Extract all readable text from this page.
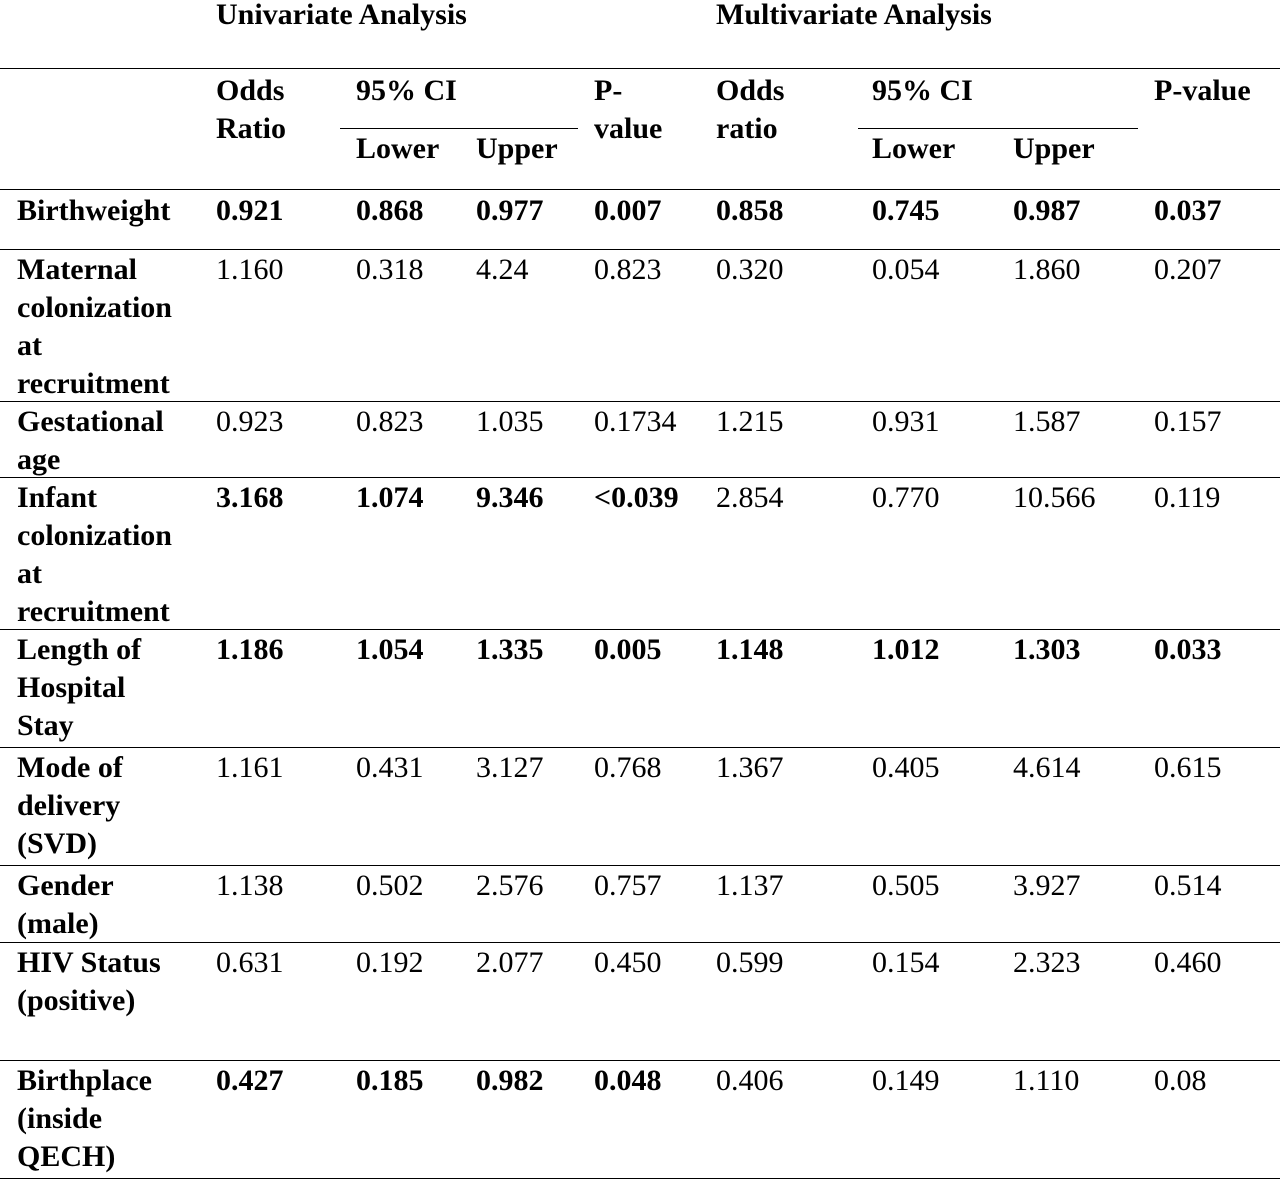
Univariate Analysis	Multivariate Analysis
Odds
Ratio
95% CI
Lower Upper
P-
value
Odds
ratio
95% CI
Lower Upper
P-value
Birthweight 0.921 0.868 0.977 0.007 0.858	0.745 0.987 0.037
Maternal
colonization
at
recruitment
1.160 0.318 4.24 0.823 0.320	0.054 1.860 0.207
Gestational
age
0.923 0.823 1.035 0.1734 1.215	0.931 1.587 0.157
Infant
colonization
at
recruitment
3.168 1.074 9.346 <0.039 2.854	0.770 10.566 0.119
Length of
Hospital
Stay
1.186 1.054 1.335 0.005 1.148	1.012 1.303 0.033
Mode of
delivery
(SVD)
1.161 0.431 3.127 0.768 1.367	0.405 4.614 0.615
Gender
(male)
1.138 0.502 2.576 0.757 1.137	0.505 3.927 0.514
HIV Status
(positive)
0.631 0.192 2.077 0.450 0.599	0.154 2.323 0.460
Birthplace
(inside
QECH)
0.427 0.185 0.982 0.048 0.406	0.149 1.110 0.08
